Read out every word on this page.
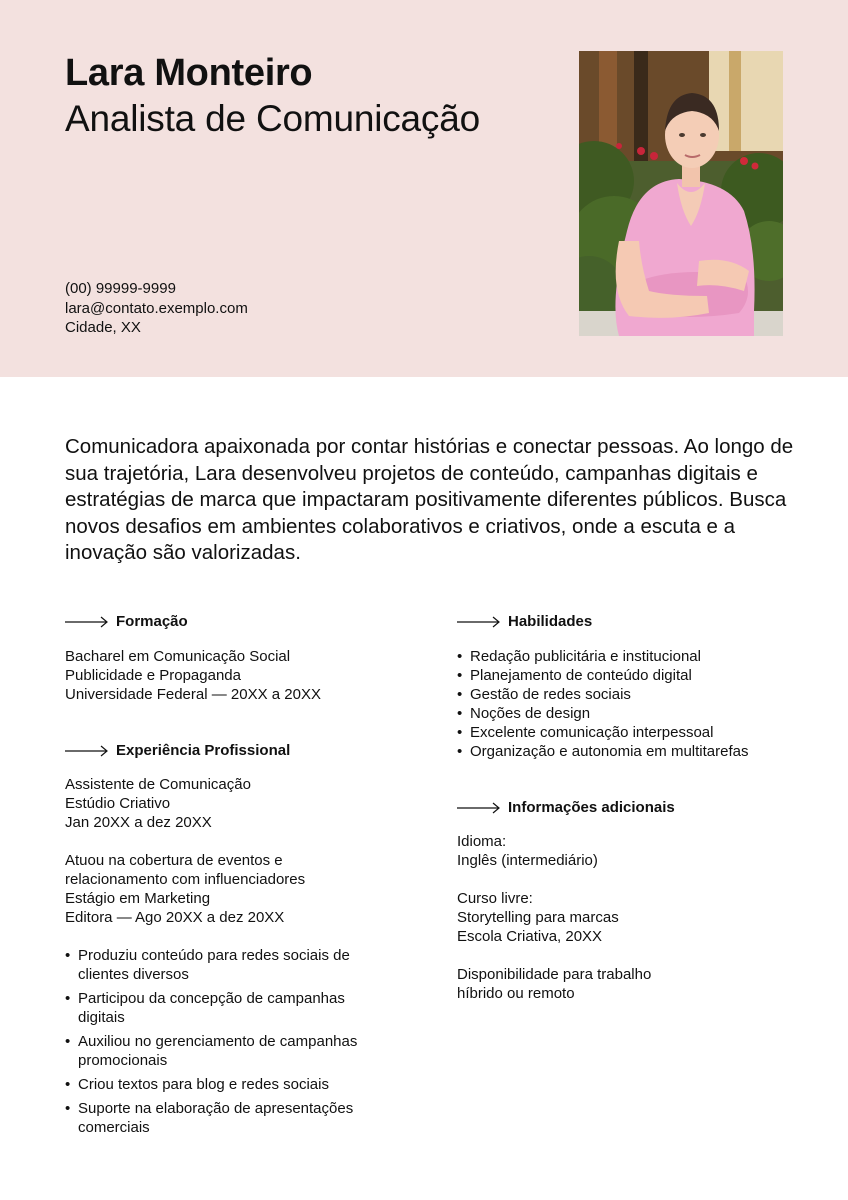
Lara Monteiro
Analista de Comunicação
(00) 99999-9999
lara@contato.exemplo.com
Cidade, XX
Comunicadora apaixonada por contar histórias e conectar pessoas. Ao longo de sua trajetória, Lara desenvolveu projetos de conteúdo, campanhas digitais e estratégias de marca que impactaram positivamente diferentes públicos. Busca novos desafios em ambientes colaborativos e criativos, onde a escuta e a inovação são valorizadas.
Formação
Bacharel em Comunicação Social
Publicidade e Propaganda
Universidade Federal — 20XX a 20XX
Experiência Profissional
Assistente de Comunicação
Estúdio Criativo
Jan 20XX a dez 20XX
Atuou na cobertura de eventos e
relacionamento com influenciadores
Estágio em Marketing
Editora — Ago 20XX a dez 20XX
• Produziu conteúdo para redes sociais de clientes diversos
• Participou da concepção de campanhas digitais
• Auxiliou no gerenciamento de campanhas promocionais
• Criou textos para blog e redes sociais
• Suporte na elaboração de apresentações comerciais
Habilidades
• Redação publicitária e institucional
• Planejamento de conteúdo digital
• Gestão de redes sociais
• Noções de design
• Excelente comunicação interpessoal
• Organização e autonomia em multitarefas
Informações adicionais
Idioma:
Inglês (intermediário)
Curso livre:
Storytelling para marcas
Escola Criativa, 20XX
Disponibilidade para trabalho
híbrido ou remoto
